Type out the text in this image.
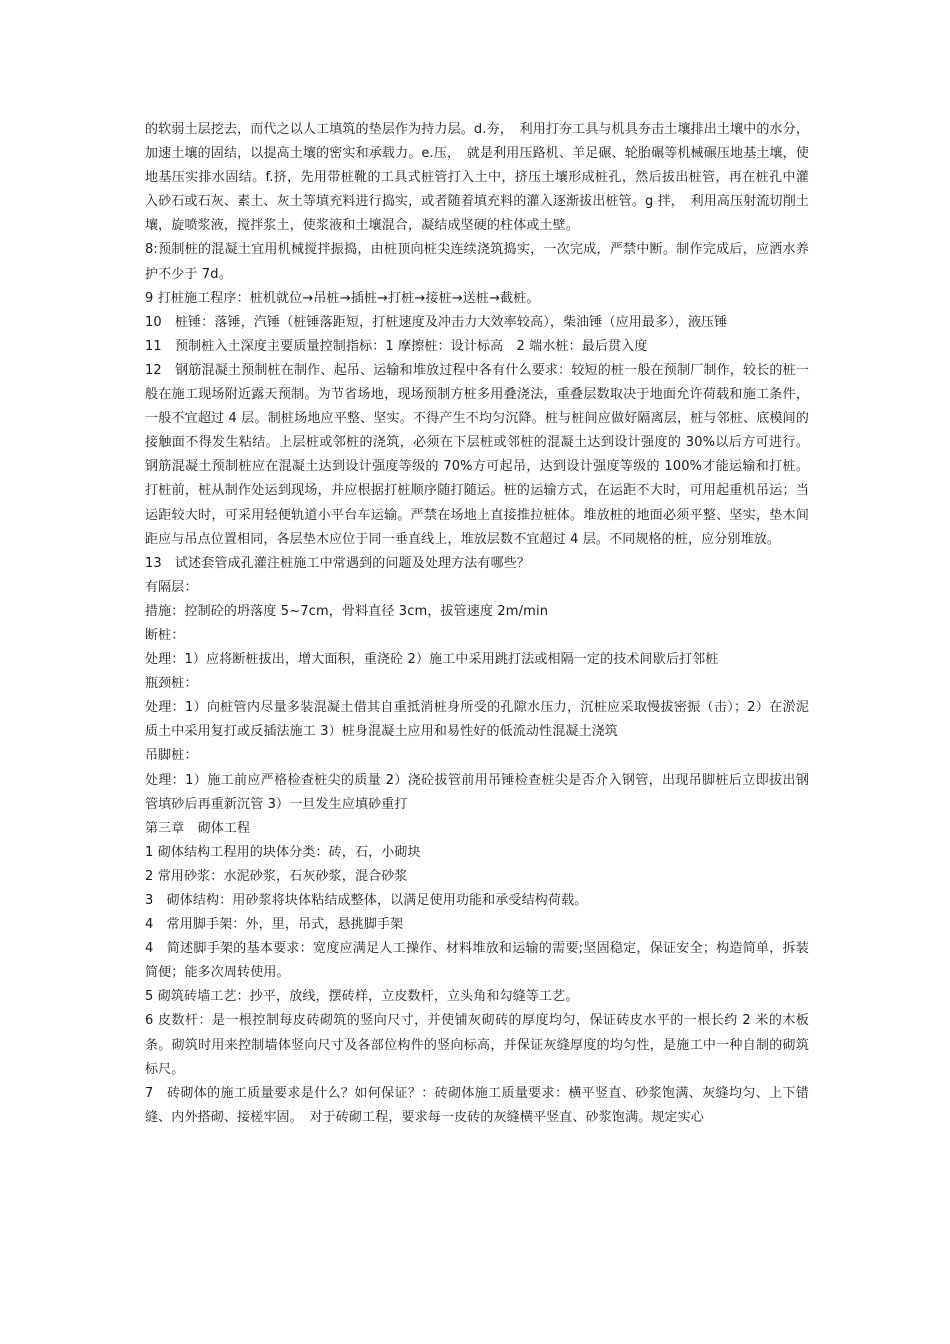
的软弱土层挖去，而代之以人工填筑的垫层作为持力层。d.夯，　利用打夯工具与机具夯击土壤排出土壤中的水分，加速土壤的固结，以提高土壤的密实和承载力。e.压，　就是利用压路机、羊足碾、轮胎碾等机械碾压地基土壤，使地基压实排水固结。f.挤，先用带桩靴的工具式桩管打入土中，挤压土壤形成桩孔，然后拔出桩管，再在桩孔中灌入砂石或石灰、素土、灰土等填充料进行捣实，或者随着填充料的灌入逐渐拔出桩管。g 拌，　利用高压射流切削土壤，旋喷浆液，搅拌浆土，使浆液和土壤混合，凝结成坚硬的柱体或土壁。

8:预制桩的混凝土宜用机械搅拌振捣，由桩顶向桩尖连续浇筑捣实，一次完成，严禁中断。制作完成后，应洒水养护不少于 7d。

9 打桩施工程序：桩机就位→吊桩→插桩→打桩→接桩→送桩→截桩。

10　桩锤：落锤，汽锤（桩锤落距短，打桩速度及冲击力大效率较高），柴油锤（应用最多），液压锤

11　预制桩入土深度主要质量控制指标：1 摩擦桩：设计标高　2 端水桩：最后贯入度

12　钢筋混凝土预制桩在制作、起吊、运输和堆放过程中各有什么要求：较短的桩一般在预制厂制作，较长的桩一般在施工现场附近露天预制。为节省场地，现场预制方桩多用叠浇法，重叠层数取决于地面允许荷载和施工条件，一般不宜超过 4 层。制桩场地应平整、坚实。不得产生不均匀沉降。桩与桩间应做好隔离层，桩与邻桩、底模间的接触面不得发生粘结。上层桩或邻桩的浇筑，必须在下层桩或邻桩的混凝土达到设计强度的 30%以后方可进行。钢筋混凝土预制桩应在混凝土达到设计强度等级的 70%方可起吊，达到设计强度等级的 100%才能运输和打桩。打桩前，桩从制作处运到现场，并应根据打桩顺序随打随运。桩的运输方式，在运距不大时，可用起重机吊运；当运距较大时，可采用轻便轨道小平台车运输。严禁在场地上直接推拉桩体。堆放桩的地面必须平整、坚实，垫木间距应与吊点位置相同，各层垫木应位于同一垂直线上，堆放层数不宜超过 4 层。不同规格的桩，应分别堆放。

13　试述套管成孔灌注桩施工中常遇到的问题及处理方法有哪些？

有隔层：

措施：控制砼的坍落度 5~7cm，骨料直径 3cm，拔管速度 2m/min

断桩：

处理：1）应将断桩拔出，增大面积，重浇砼 2）施工中采用跳打法或相隔一定的技术间歇后打邻桩

瓶颈桩：

处理：1）向桩管内尽量多装混凝土借其自重抵消桩身所受的孔隙水压力，沉桩应采取慢拔密振（击）；2）在淤泥质土中采用复打或反插法施工 3）桩身混凝土应用和易性好的低流动性混凝土浇筑

吊脚桩：

处理：1）施工前应严格检查桩尖的质量 2）浇砼拔管前用吊锤检查桩尖是否介入钢管，出现吊脚桩后立即拔出钢管填砂后再重新沉管 3）一旦发生应填砂重打

第三章　砌体工程

1 砌体结构工程用的块体分类：砖，石，小砌块

2 常用砂浆：水泥砂浆，石灰砂浆，混合砂浆

3　砌体结构：用砂浆将块体粘结成整体，以满足使用功能和承受结构荷载。

4　常用脚手架：外，里，吊式，悬挑脚手架

4　简述脚手架的基本要求：宽度应满足人工操作、材料堆放和运输的需要;坚固稳定，保证安全；构造简单，拆装简便；能多次周转使用。

5 砌筑砖墙工艺：抄平，放线，摆砖样，立皮数杆，立头角和勾缝等工艺。

6 皮数杆：是一根控制每皮砖砌筑的竖向尺寸，并使铺灰砌砖的厚度均匀，保证砖皮水平的一根长约 2 米的木板条。砌筑时用来控制墙体竖向尺寸及各部位构件的竖向标高，并保证灰缝厚度的均匀性，是施工中一种自制的砌筑标尺。

7　砖砌体的施工质量要求是什么？如何保证？：砖砌体施工质量要求：横平竖直、砂浆饱满、灰缝均匀、上下错缝、内外搭砌、接槎牢固。　对于砖砌工程，要求每一皮砖的灰缝横平竖直、砂浆饱满。规定实心
